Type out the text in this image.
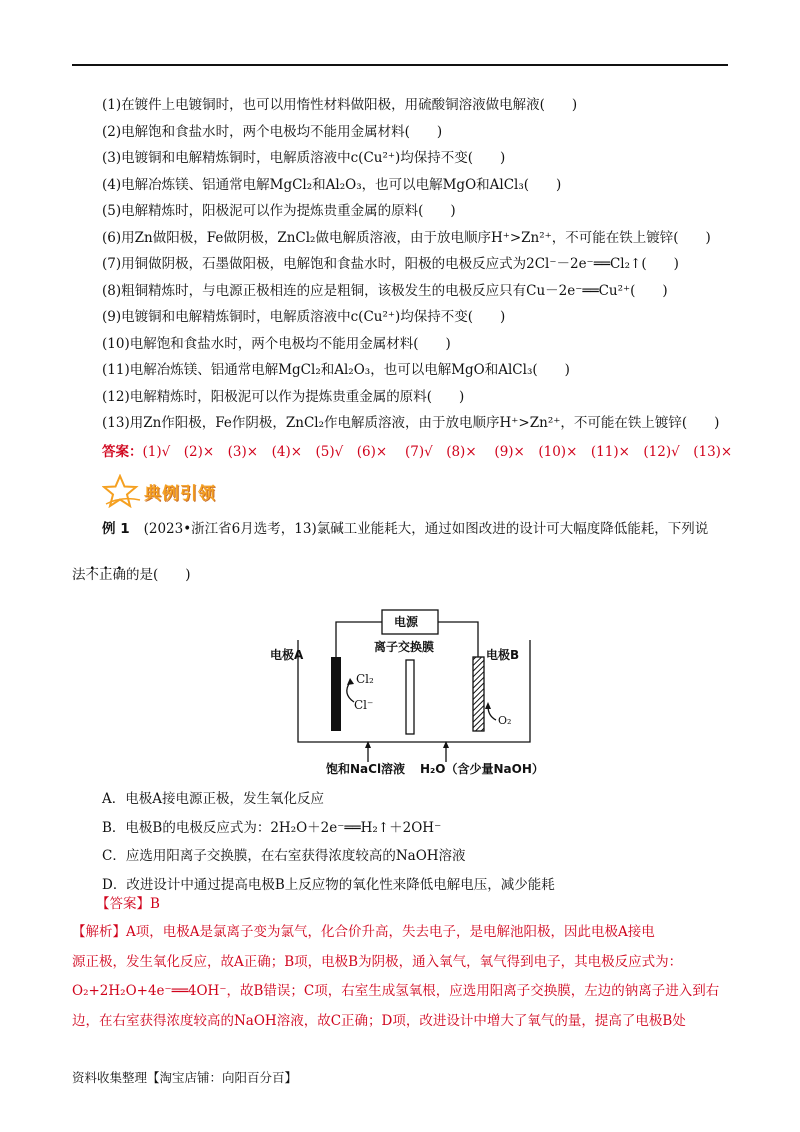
(1)在镀件上电镀铜时，也可以用惰性材料做阳极，用硫酸铜溶液做电解液(　　)
(2)电解饱和食盐水时，两个电极均不能用金属材料(　　)
(3)电镀铜和电解精炼铜时，电解质溶液中c(Cu²⁺)均保持不变(　　)
(4)电解冶炼镁、铝通常电解MgCl₂和Al₂O₃，也可以电解MgO和AlCl₃(　　)
(5)电解精炼时，阳极泥可以作为提炼贵重金属的原料(　　)
(6)用Zn做阳极，Fe做阴极，ZnCl₂做电解质溶液，由于放电顺序H⁺>Zn²⁺，不可能在铁上镀锌(　　)
(7)用铜做阴极，石墨做阳极，电解饱和食盐水时，阳极的电极反应式为2Cl⁻－2e⁻══Cl₂↑(　　)
(8)粗铜精炼时，与电源正极相连的应是粗铜，该极发生的电极反应只有Cu－2e⁻══Cu²⁺(　　)
(9)电镀铜和电解精炼铜时，电解质溶液中c(Cu²⁺)均保持不变(　　)
(10)电解饱和食盐水时，两个电极均不能用金属材料(　　)
(11)电解冶炼镁、铝通常电解MgCl₂和Al₂O₃，也可以电解MgO和AlCl₃(　　)
(12)电解精炼时，阳极泥可以作为提炼贵重金属的原料(　　)
(13)用Zn作阳极，Fe作阴极，ZnCl₂作电解质溶液，由于放电顺序H⁺>Zn²⁺，不可能在铁上镀锌(　　)
答案：(1)√　(2)×　(3)×　(4)×　(5)√　(6)×　 (7)√　(8)×　 (9)×　(10)×　(11)×　(12)√　(13)×
典例引领
例 1 (2023•浙江省6月选考，13)氯碱工业能耗大，通过如图改进的设计可大幅度降低能耗，下列说
法不正确的是(　　)
电源
离子交换膜
电极A	电极B
Cl₂
Cl⁻
O₂
饱和NaCl溶液 H₂O（含少量NaOH）
A．电极A接电源正极，发生氧化反应
B．电极B的电极反应式为：2H₂O＋2e⁻══H₂↑＋2OH⁻
C．应选用阳离子交换膜，在右室获得浓度较高的NaOH溶液
D．改进设计中通过提高电极B上反应物的氧化性来降低电解电压，减少能耗
【答案】B
【解析】A项，电极A是氯离子变为氯气，化合价升高，失去电子，是电解池阳极，因此电极A接电
源正极，发生氧化反应，故A正确；B项，电极B为阴极，通入氧气，氧气得到电子，其电极反应式为：
O₂+2H₂O+4e⁻══4OH⁻，故B错误；C项，右室生成氢氧根，应选用阳离子交换膜，左边的钠离子进入到右
边，在右室获得浓度较高的NaOH溶液，故C正确；D项，改进设计中增大了氧气的量，提高了电极B处
资料收集整理【淘宝店铺：向阳百分百】
